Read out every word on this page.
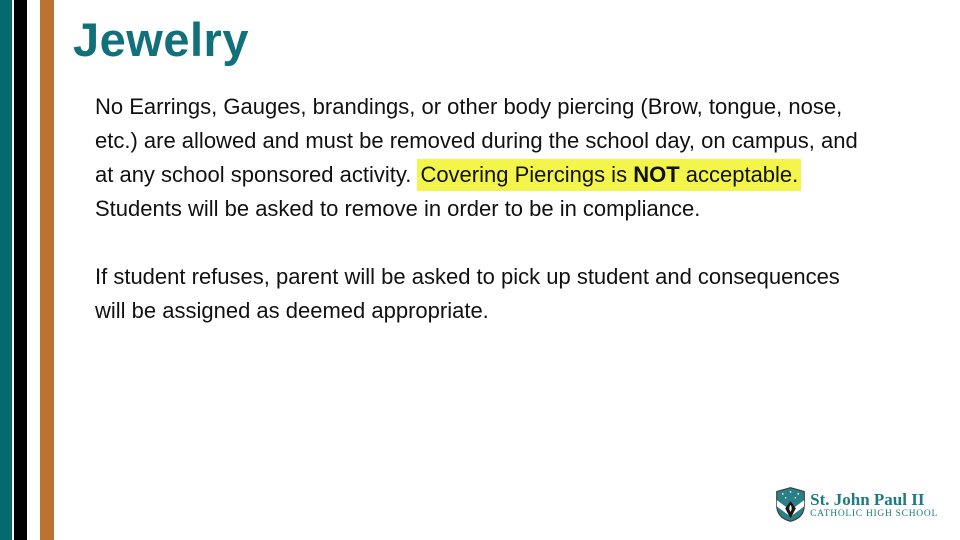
Jewelry
No Earrings, Gauges, brandings, or other body piercing (Brow, tongue, nose,
etc.) are allowed and must be removed during the school day, on campus, and
at any school sponsored activity. Covering Piercings is NOT acceptable.
Students will be asked to remove in order to be in compliance.
If student refuses, parent will be asked to pick up student and consequences
will be assigned as deemed appropriate.
St. John Paul II
CATHOLIC HIGH SCHOOL
